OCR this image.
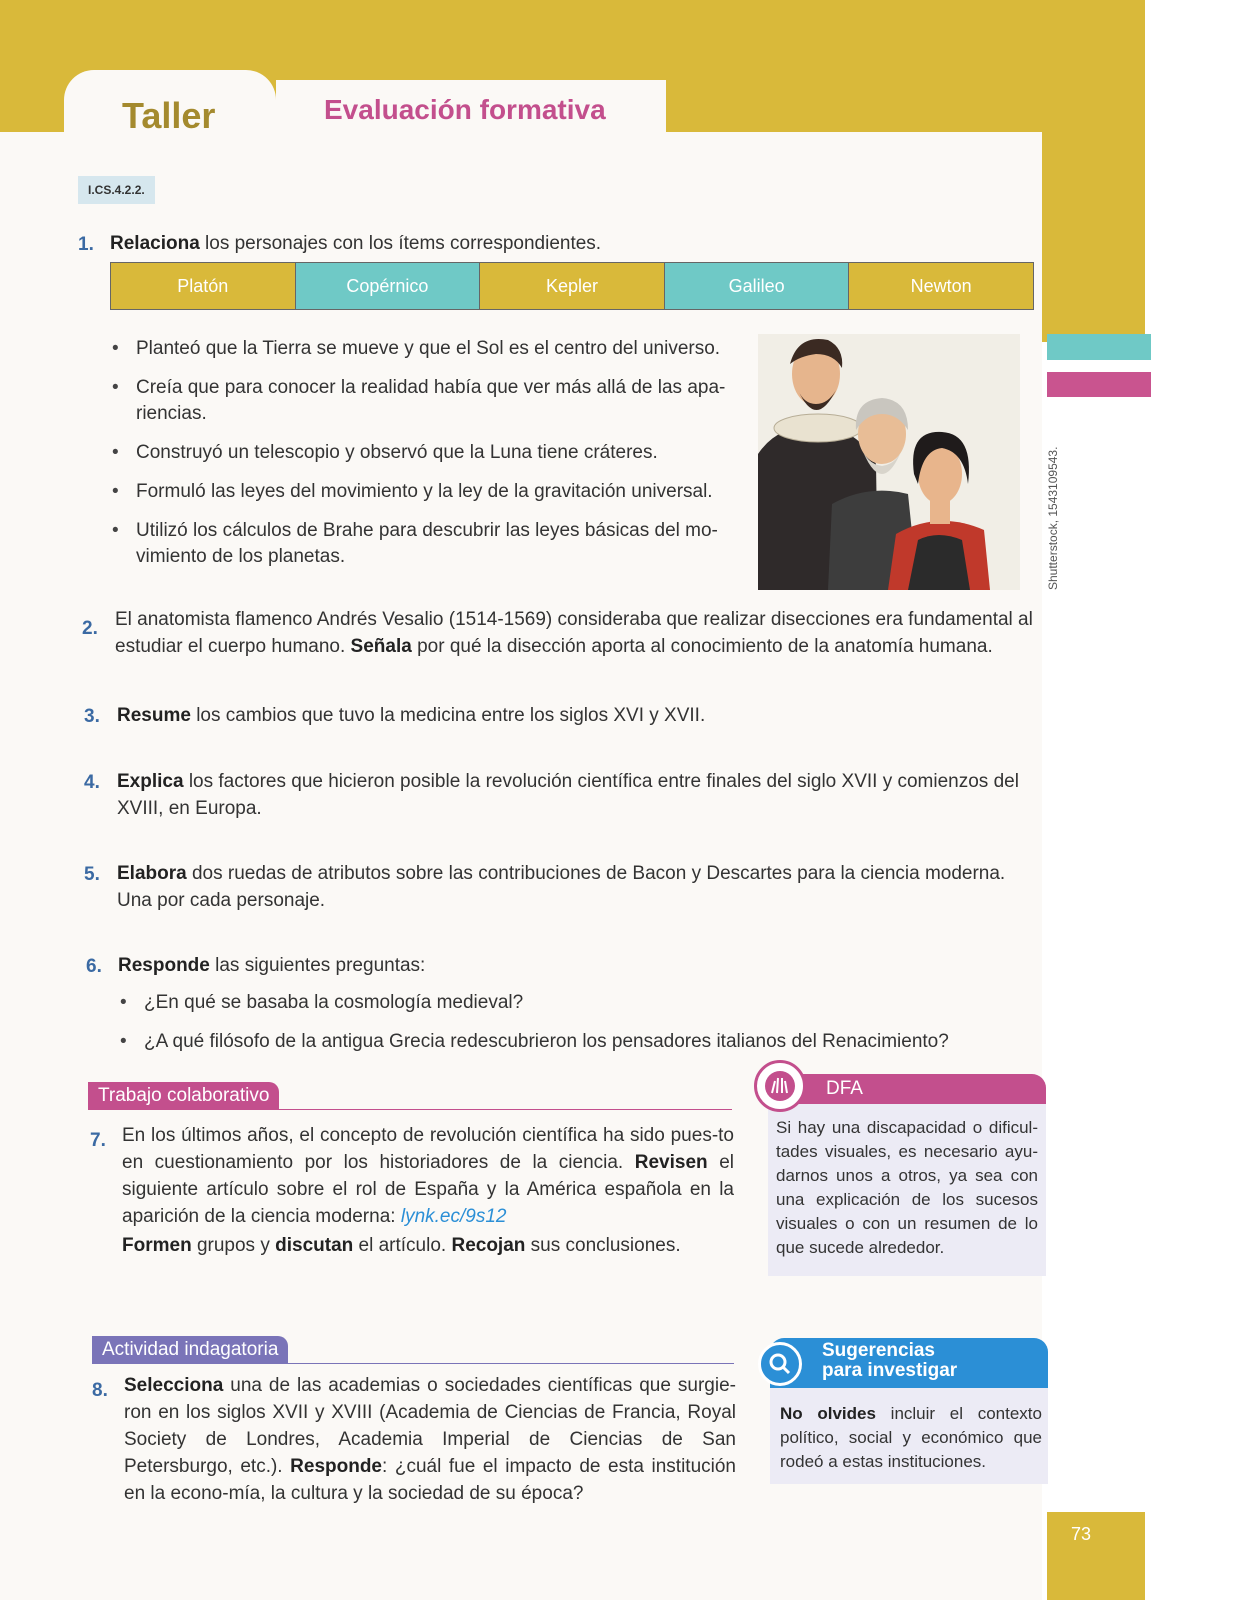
Taller	Evaluación formativa
I.CS.4.2.2.
1. Relaciona los personajes con los ítems correspondientes.
Platón	Copérnico	Kepler	Galileo	Newton
• Planteó que la Tierra se mueve y que el Sol es el centro del universo.
• Creía que para conocer la realidad había que ver más allá de las apa-riencias.
• Construyó un telescopio y observó que la Luna tiene cráteres.
• Formuló las leyes del movimiento y la ley de la gravitación universal.
• Utilizó los cálculos de Brahe para descubrir las leyes básicas del mo-vimiento de los planetas.	Shutterstock, 1543109543.
2. El anatomista flamenco Andrés Vesalio (1514-1569) consideraba que realizar disecciones era fundamental al estudiar el cuerpo humano. Señala por qué la disección aporta al conocimiento de la anatomía humana.
3. Resume los cambios que tuvo la medicina entre los siglos XVI y XVII.
4. Explica los factores que hicieron posible la revolución científica entre finales del siglo XVII y comienzos del XVIII, en Europa.
5. Elabora dos ruedas de atributos sobre las contribuciones de Bacon y Descartes para la ciencia moderna. Una por cada personaje.
6. Responde las siguientes preguntas:
• ¿En qué se basaba la cosmología medieval?
• ¿A qué filósofo de la antigua Grecia redescubrieron los pensadores italianos del Renacimiento?
Trabajo colaborativo
7. En los últimos años, el concepto de revolución científica ha sido pues-to en cuestionamiento por los historiadores de la ciencia. Revisen el siguiente artículo sobre el rol de España y la América española en la aparición de la ciencia moderna: lynk.ec/9s12
Formen grupos y discutan el artículo. Recojan sus conclusiones.
DFA
Si hay una discapacidad o dificul-tades visuales, es necesario ayu-darnos unos a otros, ya sea con una explicación de los sucesos visuales o con un resumen de lo que sucede alrededor.
Actividad indagatoria
8. Selecciona una de las academias o sociedades científicas que surgie-ron en los siglos XVII y XVIII (Academia de Ciencias de Francia, Royal Society de Londres, Academia Imperial de Ciencias de San Petersburgo, etc.). Responde: ¿cuál fue el impacto de esta institución en la econo-mía, la cultura y la sociedad de su época?
Sugerencias
para investigar
No olvides incluir el contexto político, social y económico que rodeó a estas instituciones.
73
